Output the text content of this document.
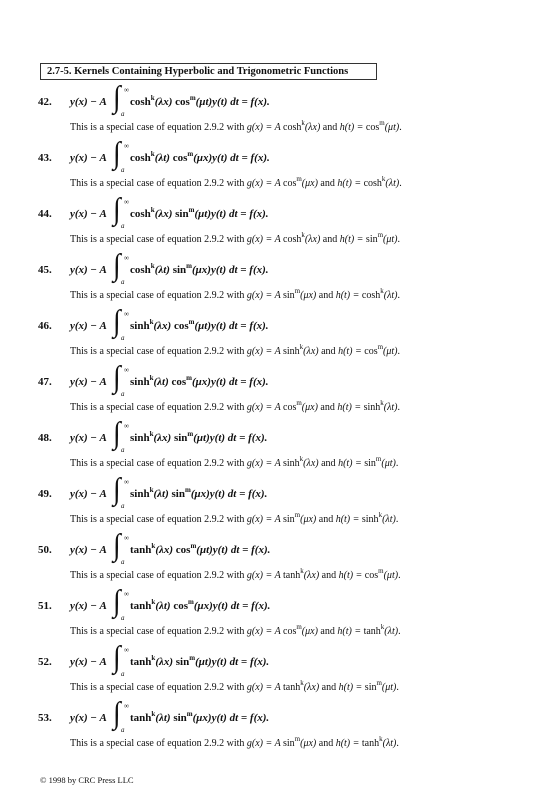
2.7-5. Kernels Containing Hyperbolic and Trigonometric Functions
42. y(x) − A ∫ ∞
a
$\cosh^k(\lambda x)$ $\cos^m(\mu t)y(t)$ dt = f(x).
This is a special case of equation 2.9.2 with g(x) = A $\cosh^k(\lambda x)$ and $h(t) = \cos^m(\mu t)$.
43. y(x) − A ∫ ∞
a
$\cosh^k(\lambda t)$ $\cos^m(\mu x)y(t)$ dt = f(x).
This is a special case of equation 2.9.2 with g(x) = A $\cos^m(\mu x)$ and $h(t) = \cosh^k(\lambda t)$.
44. y(x) − A ∫ ∞
a
$\cosh^k(\lambda x)$ $\sin^m(\mu t)y(t)$ dt = f(x).
This is a special case of equation 2.9.2 with g(x) = A $\cosh^k(\lambda x)$ and $h(t) = \sin^m(\mu t)$.
45. y(x) − A ∫ ∞
a
$\cosh^k(\lambda t)$ $\sin^m(\mu x)y(t)$ dt = f(x).
This is a special case of equation 2.9.2 with g(x) = A $\sin^m(\mu x)$ and $h(t) = \cosh^k(\lambda t)$.
46. y(x) − A ∫ ∞
a
$\sinh^k(\lambda x)$ $\cos^m(\mu t)y(t)$ dt = f(x).
This is a special case of equation 2.9.2 with g(x) = A $\sinh^k(\lambda x)$ and $h(t) = \cos^m(\mu t)$.
47. y(x) − A ∫ ∞
a
$\sinh^k(\lambda t)$ $\cos^m(\mu x)y(t)$ dt = f(x).
This is a special case of equation 2.9.2 with g(x) = A $\cos^m(\mu x)$ and $h(t) = \sinh^k(\lambda t)$.
48. y(x) − A ∫ ∞
a
$\sinh^k(\lambda x)$ $\sin^m(\mu t)y(t)$ dt = f(x).
This is a special case of equation 2.9.2 with g(x) = A $\sinh^k(\lambda x)$ and $h(t) = \sin^m(\mu t)$.
49. y(x) − A ∫ ∞
a
$\sinh^k(\lambda t)$ $\sin^m(\mu x)y(t)$ dt = f(x).
This is a special case of equation 2.9.2 with g(x) = A $\sin^m(\mu x)$ and $h(t) = \sinh^k(\lambda t)$.
50. y(x) − A ∫ ∞
a
$\tanh^k(\lambda x)$ $\cos^m(\mu t)y(t)$ dt = f(x).
This is a special case of equation 2.9.2 with g(x) = A $\tanh^k(\lambda x)$ and $h(t) = \cos^m(\mu t)$.
51. y(x) − A ∫ ∞
a
$\tanh^k(\lambda t)$ $\cos^m(\mu x)y(t)$ dt = f(x).
This is a special case of equation 2.9.2 with g(x) = A $\cos^m(\mu x)$ and $h(t) = \tanh^k(\lambda t)$.
52. y(x) − A ∫ ∞
a
$\tanh^k(\lambda x)$ $\sin^m(\mu t)y(t)$ dt = f(x).
This is a special case of equation 2.9.2 with g(x) = A $\tanh^k(\lambda x)$ and $h(t) = \sin^m(\mu t)$.
53. y(x) − A ∫ ∞
a
$\tanh^k(\lambda t)$ $\sin^m(\mu x)y(t)$ dt = f(x).
This is a special case of equation 2.9.2 with g(x) = A $\sin^m(\mu x)$ and $h(t) = \tanh^k(\lambda t)$.
© 1998 by CRC Press LLC
